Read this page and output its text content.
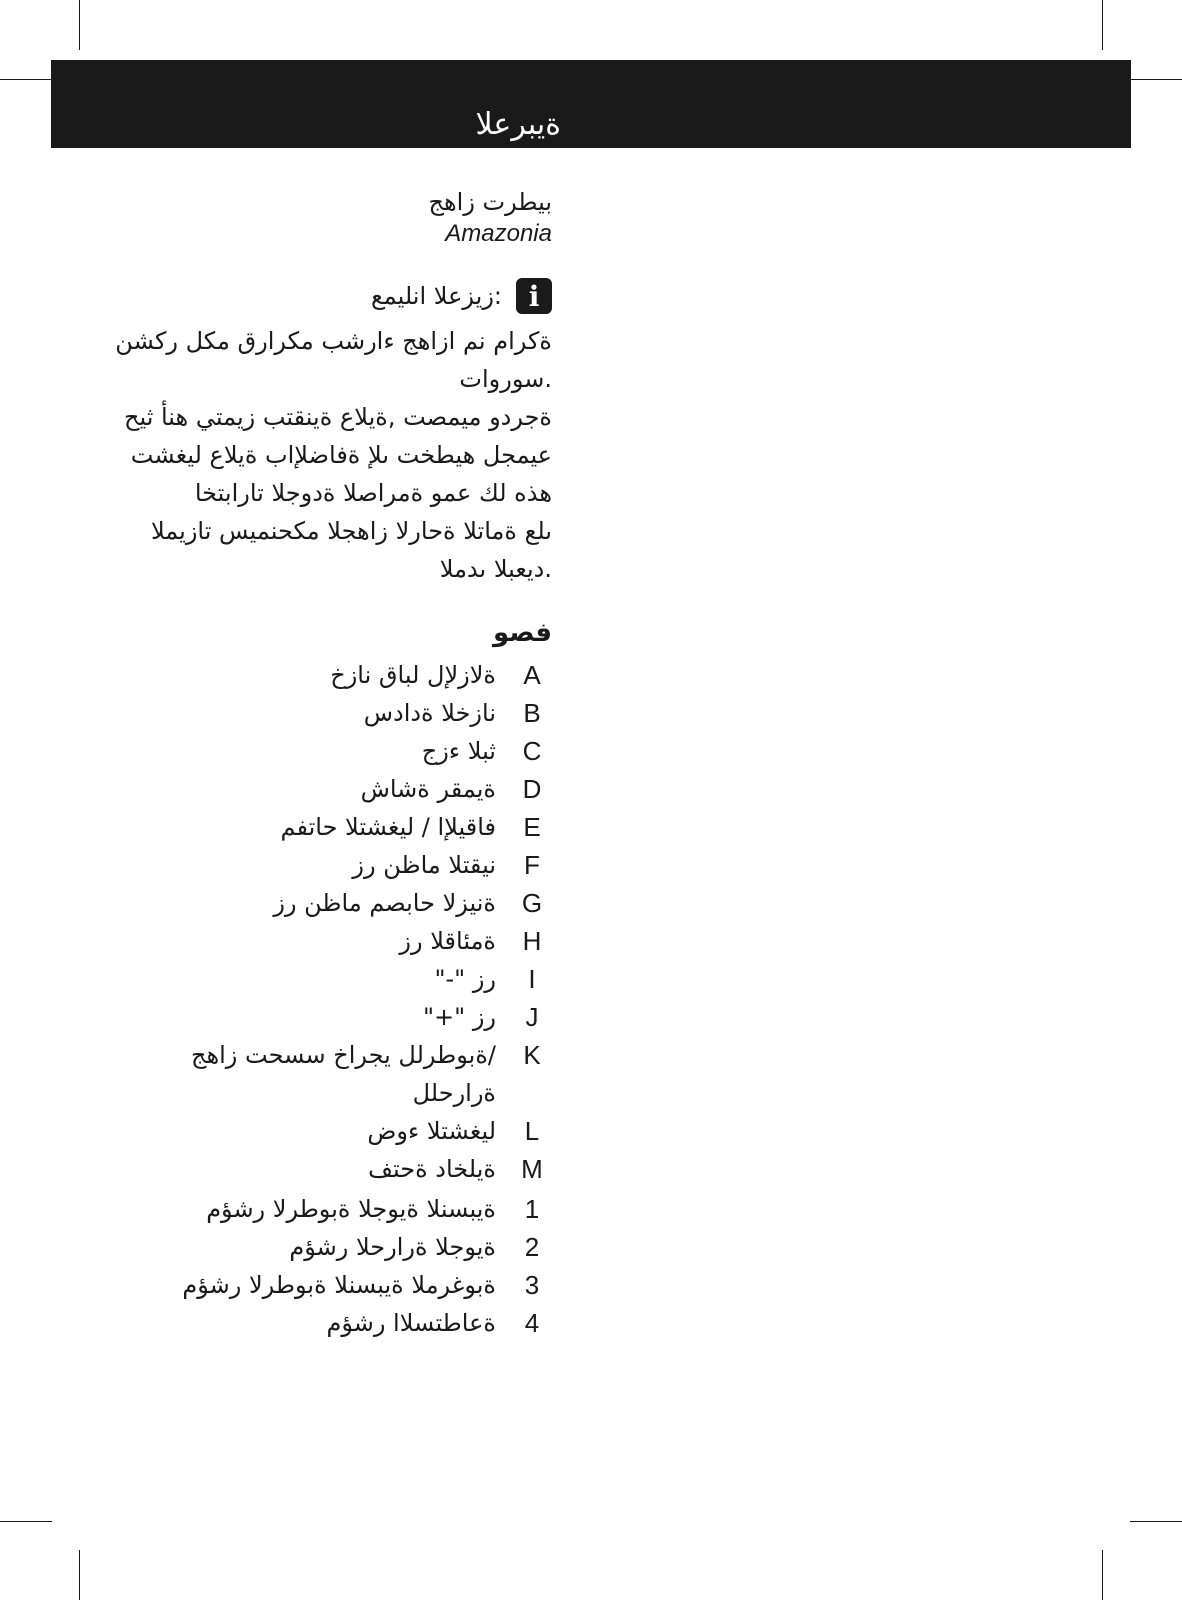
ةيبرعلا
بيطرت زاهج
Amazonia
i
:زيزعلا انليمع
ةكرام نم ازاهج ءارشب مكرارق مكل ركشن
.سوروات
ةجردو ميمصت ,ةيلاع ةينقتب زيمتي هنأ ثيح
عيمجل هيطخت ىلإ ةفاضلإاب ةيلاع ليغشت
هذه لك عمو ةمراصلا ةدوجلا تارابتخا
ىلع ةماتلا ةحارلا زاهجلا مكحنميس تازيملا
.ديعبلا ىدملا
فصو
A
ةلازلإل لباق نازخ
B
نازخلا ةدادس
C
ثبلا ءزج
D
ةيمقر ةشاش
E
فاقيلإا / ليغشتلا حاتفم
F
نيقتلا ماظن رز
G
ةنيزلا حابصم ماظن رز
H
ةمئاقلا رز
I
رز "-"
J
رز "+"
K
/ةبوطرلل يجراخ سسحت زاهج
ةرارحلل
L
ليغشتلا ءوض
M
ةيلخاد ةحتف
1
ةيبسنلا ةيوجلا ةبوطرلا رشؤم
2
ةيوجلا ةرارحلا رشؤم
3
ةبوغرملا ةيبسنلا ةبوطرلا رشؤم
4
ةعاطتسلاا رشؤم
